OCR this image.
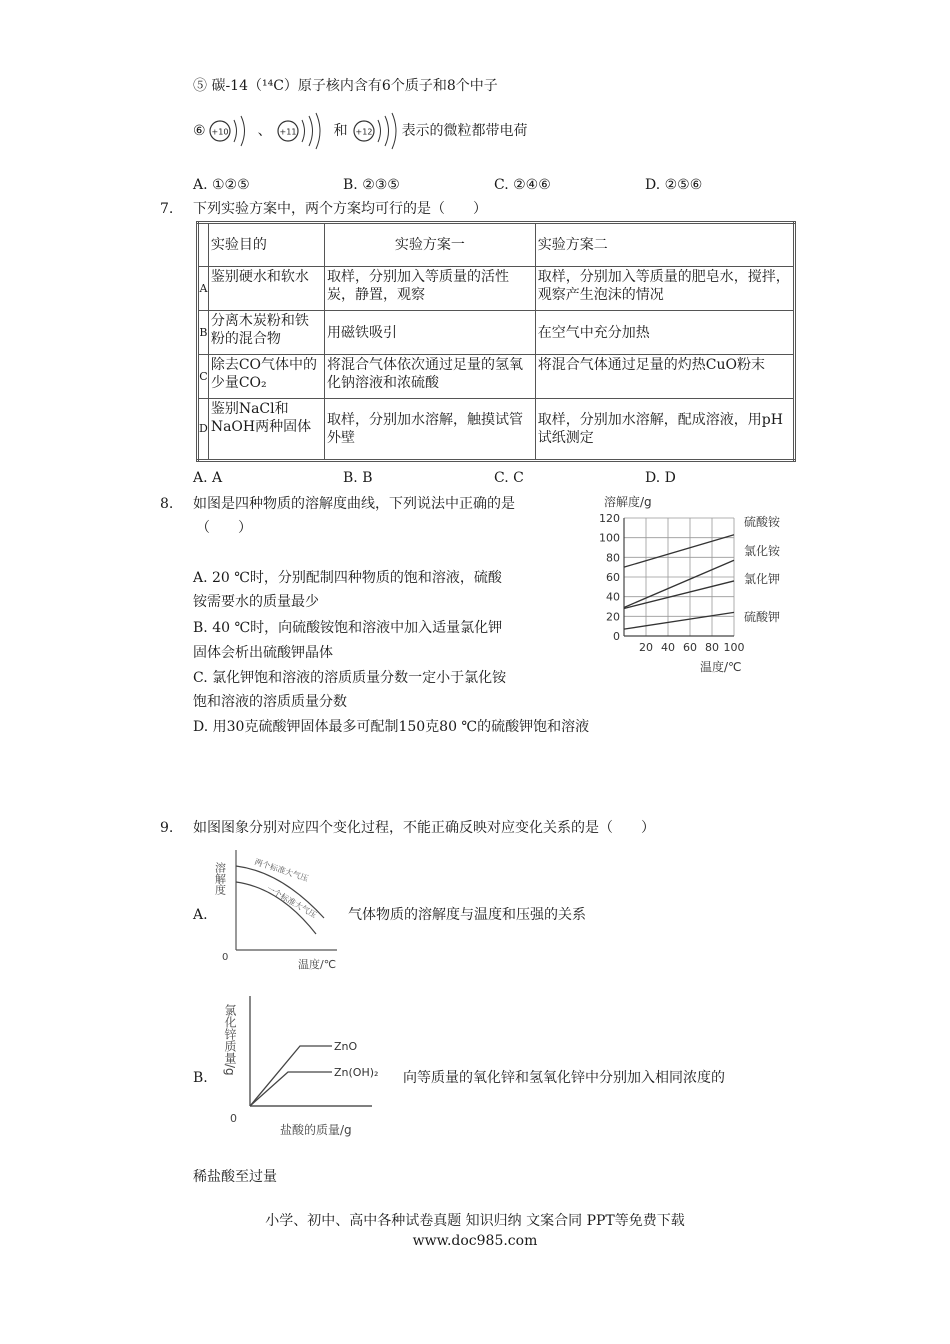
⑤ 碳-14（¹⁴C）原子核内含有6个质子和8个中子
⑥ +10 、 +11	和 +12 表示的微粒都带电荷
A. ①②⑤	B. ②③⑤	C. ②④⑥	D. ②⑤⑥
7. 下列实验方案中，两个方案均可行的是（　　）
	实验目的	实验方案一	实验方案二
A	鉴别硬水和软水	取样，分别加入等质量的活性炭，静置，观察	取样，分别加入等质量的肥皂水，搅拌，观察产生泡沫的情况
B	分离木炭粉和铁粉的混合物	用磁铁吸引	在空气中充分加热
C	除去CO气体中的少量CO₂	将混合气体依次通过足量的氢氧化钠溶液和浓硫酸	将混合气体通过足量的灼热CuO粉末
D	鉴别NaCl和NaOH两种固体	取样，分别加水溶解，触摸试管外壁	取样，分别加水溶解，配成溶液，用pH试纸测定
A. A	B. B	C. C	D. D
8. 如图是四种物质的溶解度曲线，下列说法中正确的是
（　　）
A. 20 ℃时，分别配制四种物质的饱和溶液，硫酸
铵需要水的质量最少
B. 40 ℃时，向硫酸铵饱和溶液中加入适量氯化钾
固体会析出硫酸钾晶体
C. 氯化钾饱和溶液的溶质质量分数一定小于氯化铵
饱和溶液的溶质质量分数
D. 用30克硫酸钾固体最多可配制150克80 ℃的硫酸钾饱和溶液
溶解度/g
0
20
40
60
80
100
120
20 40 60 80 100
硫酸铵
氯化铵
氯化钾
硫酸钾
温度/℃
9. 如图图象分别对应四个变化过程，不能正确反映对应变化关系的是（　　）
A.
溶解度	两个标准大气压
一个标准大气压
0
温度/℃
气体物质的溶解度与温度和压强的关系
B.
氯化锌质量/g	ZnO
Zn(OH)₂
0
盐酸的质量/g
向等质量的氧化锌和氢氧化锌中分别加入相同浓度的
稀盐酸至过量
小学、初中、高中各种试卷真题 知识归纳 文案合同 PPT等免费下载
www.doc985.com
